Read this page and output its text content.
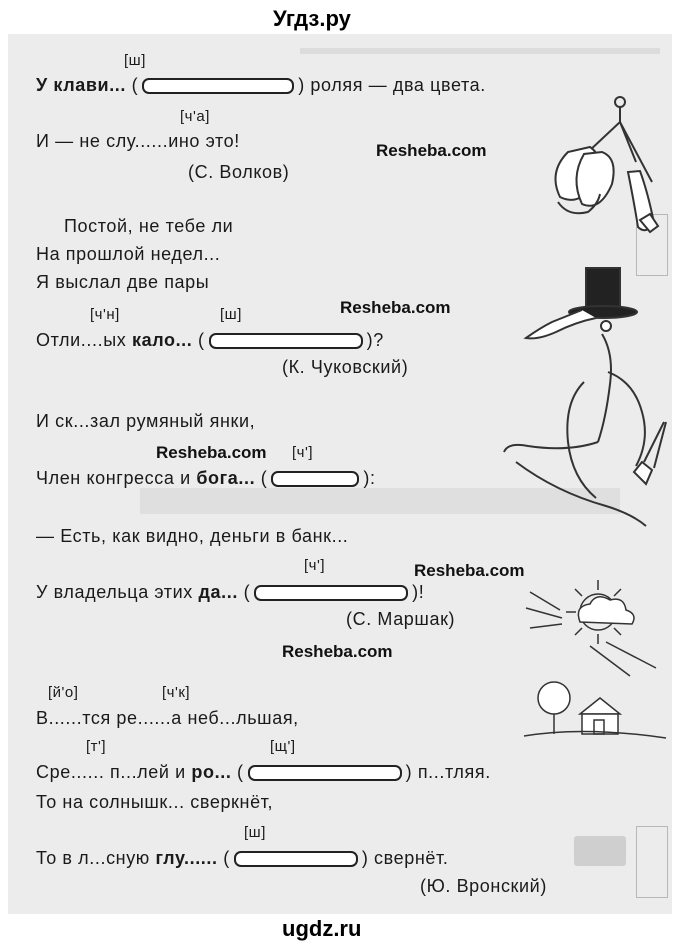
Угдз.ру
[ш]
У клави... (	) роляя — два цвета.
[ч'а]
И — не слу......ино это!	Resheba.com
(С. Волков)
Постой, не тебе ли
На прошлой недел...
Я выслал две пары
[ч'н]	[ш]	Resheba.com
Отли....ых кало... (	)?
(К. Чуковский)
И ск...зал румяный янки,
Resheba.com [ч']
Член конгресса и бога... (	):
— Есть, как видно, деньги в банк...
[ч']	Resheba.com
У владельца этих да... (	)!
(С. Маршак)
Resheba.com
[й'о]	[ч'к]
В......тся ре......а неб...льшая,
[т']	[щ']
Сре...... п...лей и ро... (	) п...тляя.
То на солнышк... сверкнёт,
[ш]
То в л...сную глу...... (	) свернёт.
(Ю. Вронский)
ugdz.ru
